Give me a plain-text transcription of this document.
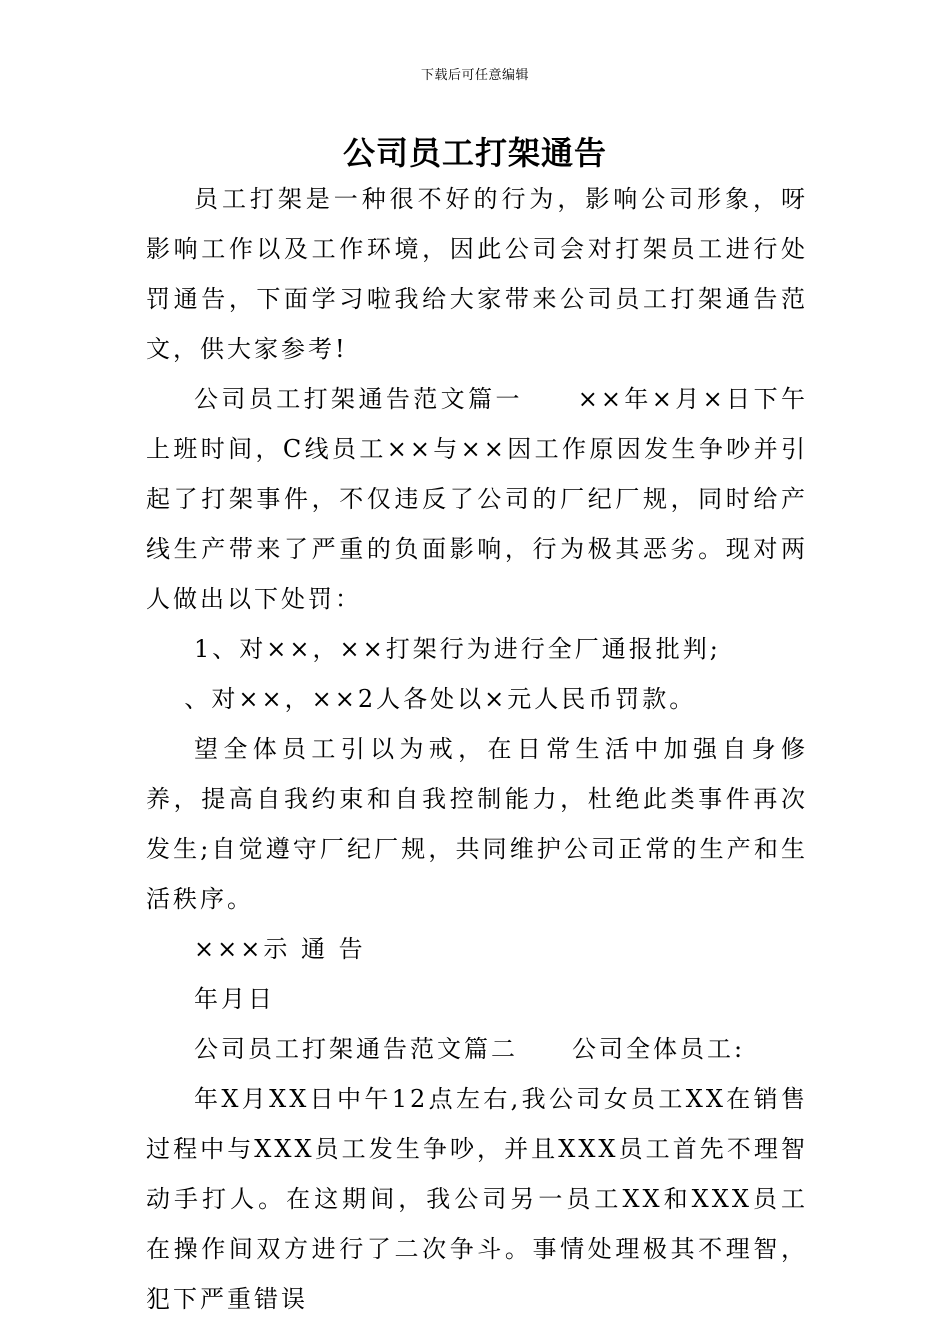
下载后可任意编辑
公司员工打架通告

员工打架是一种很不好的行为，影响公司形象，呀影响工作以及工作环境，因此公司会对打架员工进行处罚通告，下面学习啦我给大家带来公司员工打架通告范文，供大家参考!

公司员工打架通告范文篇一　　××年×月×日下午上班时间，C线员工××与××因工作原因发生争吵并引起了打架事件，不仅违反了公司的厂纪厂规，同时给产线生产带来了严重的负面影响，行为极其恶劣。现对两人做出以下处罚：

1、对××，××打架行为进行全厂通报批判;

、对××，××2人各处以×元人民币罚款。

望全体员工引以为戒，在日常生活中加强自身修养，提高自我约束和自我控制能力，杜绝此类事件再次发生;自觉遵守厂纪厂规，共同维护公司正常的生产和生活秩序。

×××示 通 告

年月日

公司员工打架通告范文篇二　　公司全体员工:

年X月XX日中午12点左右,我公司女员工XX在销售过程中与XXX员工发生争吵，并且XXX员工首先不理智动手打人。在这期间，我公司另一员工XX和XXX员工在操作间双方进行了二次争斗。事情处理极其不理智，犯下严重错误
